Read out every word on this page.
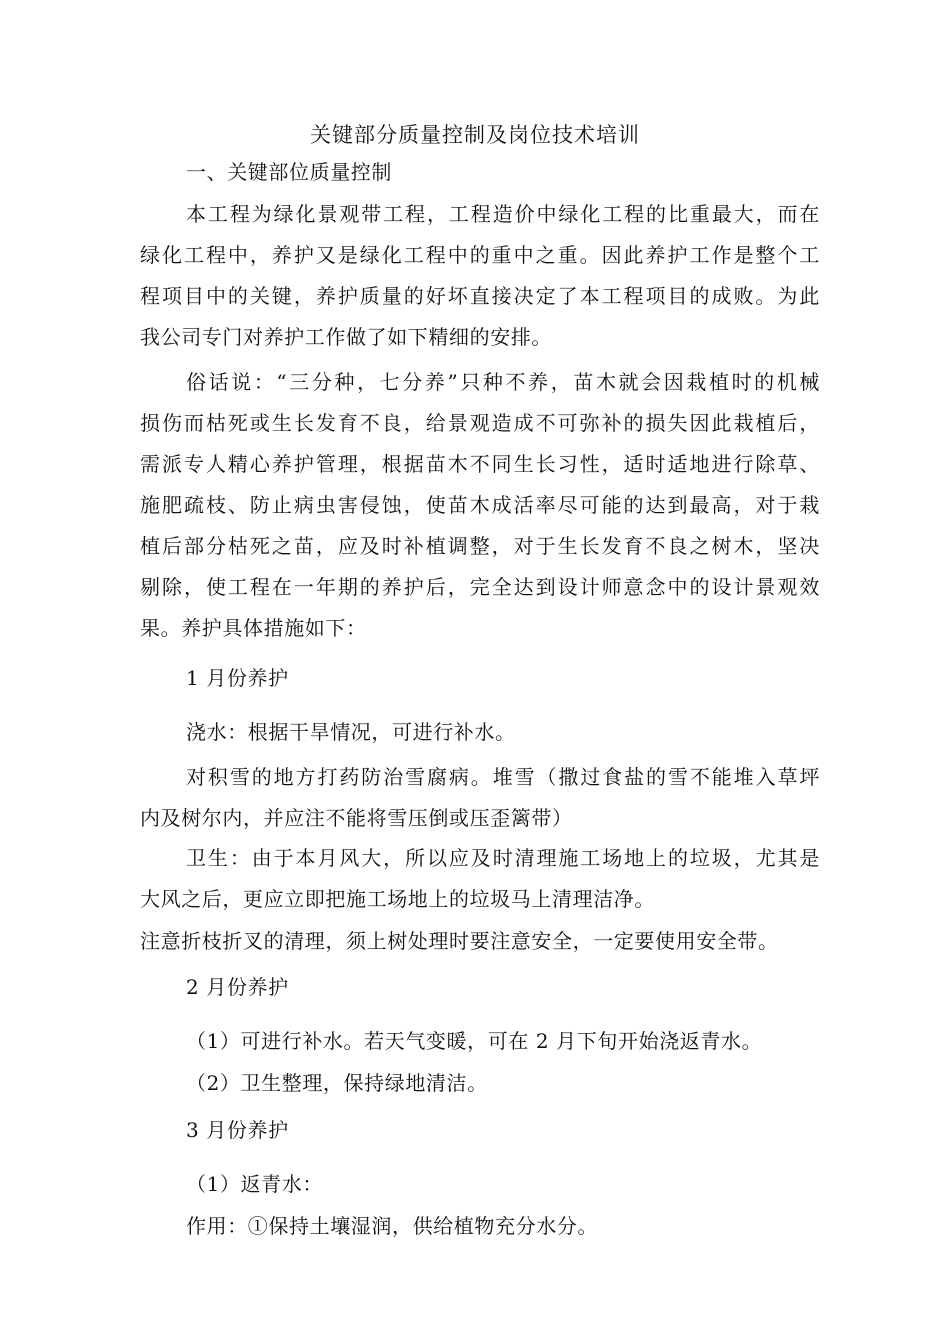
关键部分质量控制及岗位技术培训
一、关键部位质量控制
本工程为绿化景观带工程，工程造价中绿化工程的比重最大，而在
绿化工程中，养护又是绿化工程中的重中之重。因此养护工作是整个工
程项目中的关键，养护质量的好坏直接决定了本工程项目的成败。为此
我公司专门对养护工作做了如下精细的安排。
俗话说：“三分种，七分养”只种不养，苗木就会因栽植时的机械
损伤而枯死或生长发育不良，给景观造成不可弥补的损失因此栽植后，
需派专人精心养护管理，根据苗木不同生长习性，适时适地进行除草、
施肥疏枝、防止病虫害侵蚀，使苗木成活率尽可能的达到最高，对于栽
植后部分枯死之苗，应及时补植调整，对于生长发育不良之树木，坚决
剔除，使工程在一年期的养护后，完全达到设计师意念中的设计景观效
果。养护具体措施如下：
1 月份养护
浇水：根据干旱情况，可进行补水。
对积雪的地方打药防治雪腐病。堆雪（撒过食盐的雪不能堆入草坪
内及树尔内，并应注不能将雪压倒或压歪篱带）
卫生：由于本月风大，所以应及时清理施工场地上的垃圾，尤其是
大风之后，更应立即把施工场地上的垃圾马上清理洁净。
注意折枝折叉的清理，须上树处理时要注意安全，一定要使用安全带。
2 月份养护
（1）可进行补水。若天气变暖，可在 2 月下旬开始浇返青水。
（2）卫生整理，保持绿地清洁。
3 月份养护
（1）返青水：
作用：①保持土壤湿润，供给植物充分水分。
